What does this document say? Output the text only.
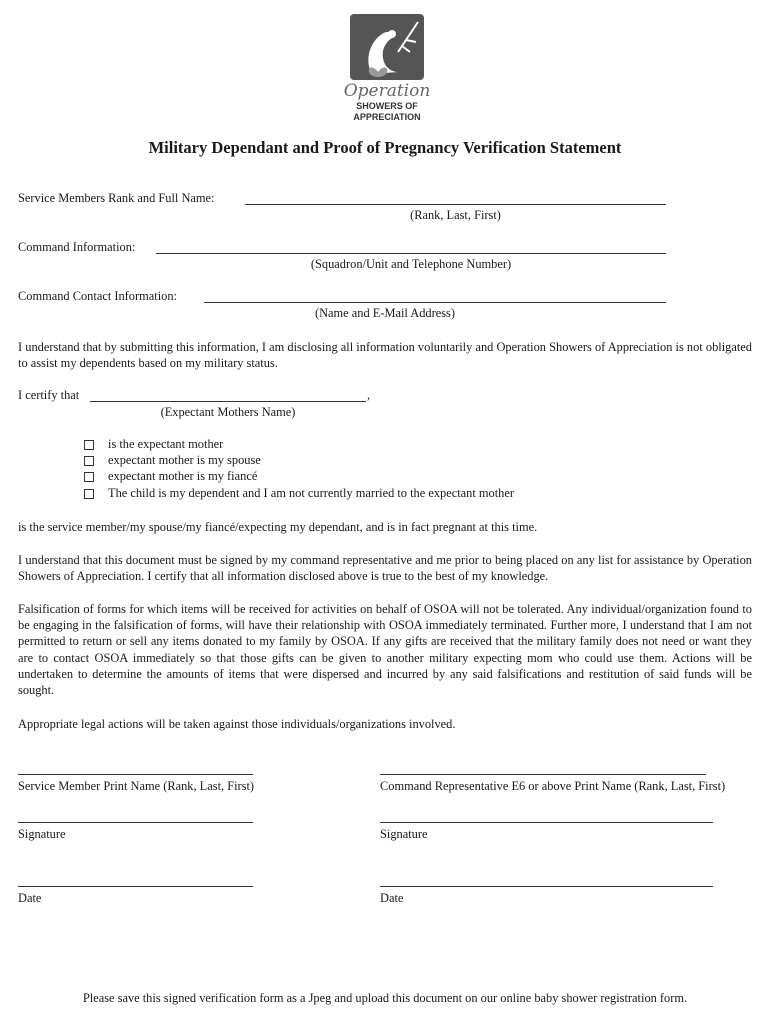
Operation
SHOWERS OF
APPRECIATION
Military Dependant and Proof of Pregnancy Verification Statement
Service Members Rank and Full Name:
(Rank, Last, First)
Command Information:
(Squadron/Unit and Telephone Number)
Command Contact Information:
(Name and E-Mail Address)
I understand that by submitting this information, I am disclosing all information voluntarily and Operation Showers of Appreciation is not obligated to assist my dependents based on my military status.
I certify that	,
(Expectant Mothers Name)
is the expectant mother
expectant mother is my spouse
expectant mother is my fiancé
The child is my dependent and I am not currently married to the expectant mother
is the service member/my spouse/my fiancé/expecting my dependant, and is in fact pregnant at this time.
I understand that this document must be signed by my command representative and me prior to being placed on any list for assistance by Operation Showers of Appreciation. I certify that all information disclosed above is true to the best of my knowledge.
Falsification of forms for which items will be received for activities on behalf of OSOA will not be tolerated. Any individual/organization found to be engaging in the falsification of forms, will have their relationship with OSOA immediately terminated. Further more, I understand that I am not permitted to return or sell any items donated to my family by OSOA. If any gifts are received that the military family does not need or want they are to contact OSOA immediately so that those gifts can be given to another military expecting mom who could use them. Actions will be undertaken to determine the amounts of items that were dispersed and incurred by any said falsifications and restitution of said funds will be sought.
Appropriate legal actions will be taken against those individuals/organizations involved.
Service Member Print Name (Rank, Last, First)	Command Representative E6 or above Print Name (Rank, Last, First)
Signature	Signature
Date	Date
Please save this signed verification form as a Jpeg and upload this document on our online baby shower registration form.
